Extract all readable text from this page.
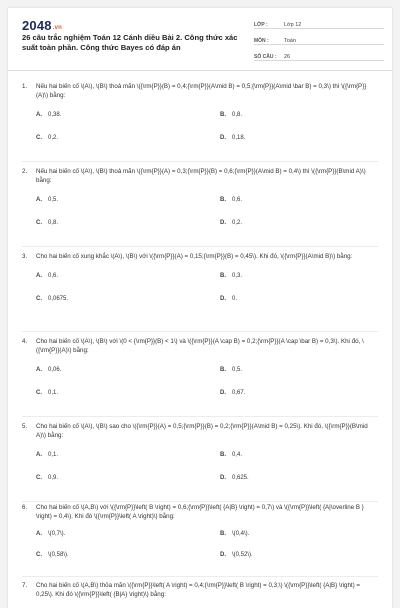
$2048^{.vn}$
26 câu trắc nghiệm Toán 12 Cánh diều Bài 2. Công thức xác suất toàn phần. Công thức Bayes có đáp án
LỚP :	Lớp 12
MÔN :	Toán
SỐ CÂU :	26
1.	Nếu hai biến cố \(A\), \(B\) thoả mãn \({\rm{P}}(B) = 0,4;{\rm{P}}(A\mid B) = 0,5;{\rm{P}}(A\mid \bar B) = 0,3\) thì \({\rm{P}}(A)\) bằng:
A.	0,38.	B.	0,8.
C.	0,2.	D.	0,18.
2.	Nếu hai biến cố \(A\), \(B\) thoả mãn \({\rm{P}}(A) = 0,3;{\rm{P}}(B) = 0,6;{\rm{P}}(A\mid B) = 0,4\) thì \({\rm{P}}(B\mid A)\) bằng:
A.	0,5.	B.	0,6.
C.	0,8.	D.	0,2.
3.	Cho hai biến cố xung khắc \(A\), \(B\) với \({\rm{P}}(A) = 0,15;{\rm{P}}(B) = 0,45\). Khi đó, \({\rm{P}}(A\mid B)\) bằng:
A.	0,6.	B.	0,3.
C.	0,0675.	D.	0.
4.	Cho hai biến cố \(A\), \(B\) với \(0 < {\rm{P}}(B) < 1\) và \({\rm{P}}(A \cap B) = 0,2;{\rm{P}}(A \cap \bar B) = 0,3\). Khi đó, \({\rm{P}}(A)\) bằng:
A.	0,06.	B.	0,5.
C.	0,1.	D.	0,67.
5.	Cho hai biến cố \(A\), \(B\) sao cho \({\rm{P}}(A) = 0,5;{\rm{P}}(B) = 0,2;{\rm{P}}(A\mid B) = 0,25\). Khi đó, \({\rm{P}}(B\mid A)\) bằng:
A.	0,1.	B.	0,4.
C.	0,9.	D.	0,625.
6.	Cho hai biến cố \(A,B\) với \({\rm{P}}\left( B \right) = 0,6;{\rm{P}}\left( {A|B} \right) = 0,7\) và \({\rm{P}}\left( {A|\overline B } \right) = 0,4\). Khi đó \({\rm{P}}\left( A \right)\) bằng:
A.	\(0,7\).	B.	\(0,4\).
C.	\(0,58\).	D.	\(0,52\).
7.	Cho hai biến cố \(A,B\) thỏa mãn \({\rm{P}}\left( A \right) = 0,4;{\rm{P}}\left( B \right) = 0,3;\) \({\rm{P}}\left( {A|B} \right) = 0,25\). Khi đó \({\rm{P}}\left( {B|A} \right)\) bằng:
